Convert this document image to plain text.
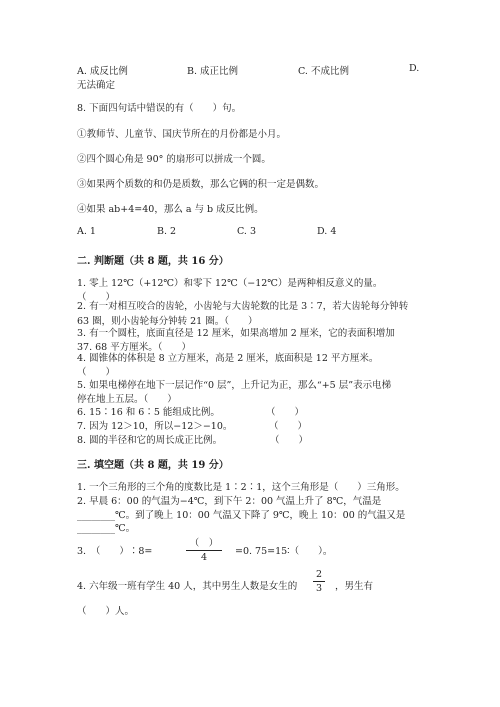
A. 成反比例	B. 成正比例	C. 不成比例	D.
无法确定
8. 下面四句话中错误的有（　　）句。
①教师节、儿童节、国庆节所在的月份都是小月。
②四个圆心角是 90° 的扇形可以拼成一个圆。
③如果两个质数的和仍是质数，那么它俩的积一定是偶数。
④如果 ab+4=40，那么 a 与 b 成反比例。
A. 1	B. 2	C. 3	D. 4
二. 判断题（共 8 题，共 16 分）
1. 零上 12℃（+12℃）和零下 12℃（−12℃）是两种相反意义的量。
（　　）
2. 有一对相互咬合的齿轮，小齿轮与大齿轮数的比是 3∶7，若大齿轮每分钟转
63 圈，则小齿轮每分钟转 21 圈。（　　）
3. 有一个圆柱，底面直径是 12 厘米，如果高增加 2 厘米，它的表面积增加
37. 68 平方厘米。（　　）
4. 圆锥体的体积是 8 立方厘米，高是 2 厘米，底面积是 12 平方厘米。
（　　）
5. 如果电梯停在地下一层记作“0 层”，上升记为正，那么“+5 层”表示电梯
停在地上五层。（　　）
6. 15∶16 和 6∶5 能组成比例。	（　　）
7. 因为 12＞10，所以−12＞−10。	（　　）
8. 圆的半径和它的周长成正比例。	（　　）
三. 填空题（共 8 题，共 19 分）
1. 一个三角形的三个角的度数比是 1∶2∶1，这个三角形是（　　）三角形。
2. 早晨 6：00 的气温为−4℃，到下午 2：00 气温上升了 8℃，气温是
________℃。到了晚上 10：00 气温又下降了 9℃，晚上 10：00 的气温又是
________℃。
3.　（　　）∶8=
（　）
4
=0. 75=15∶（　　）。
4. 六年级一班有学生 40 人，其中男生人数是女生的
2
3	，男生有
（　　）人。
